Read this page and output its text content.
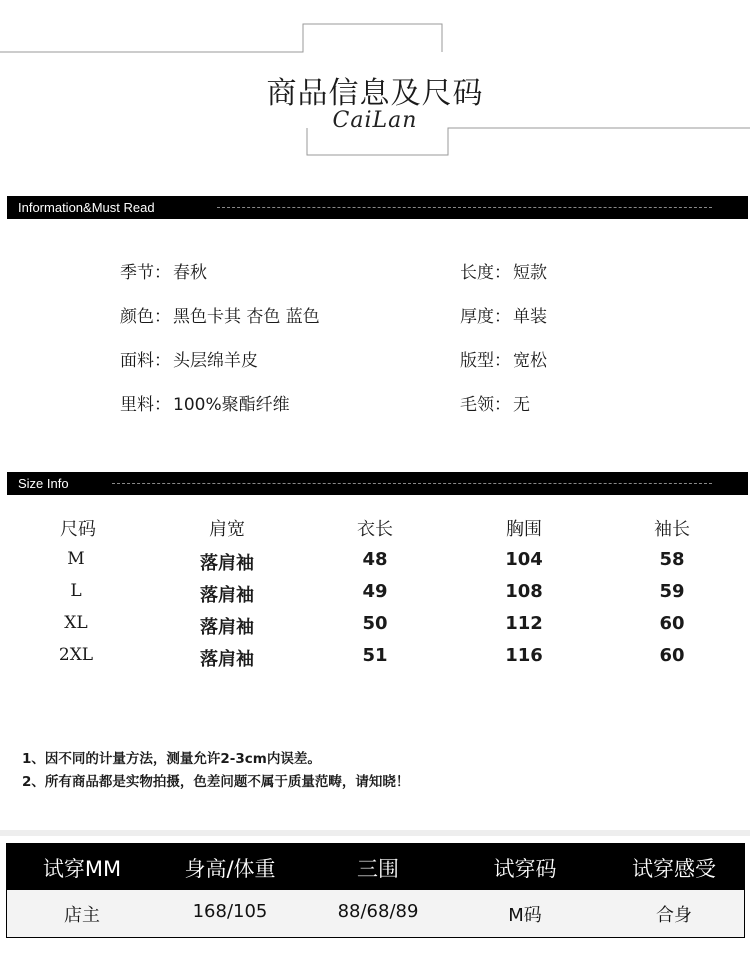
商品信息及尺码
CaiLan
Information&Must Read
季节： 春秋
颜色： 黑色卡其 杏色 蓝色
面料： 头层绵羊皮
里料： 100%聚酯纤维
长度： 短款
厚度： 单装
版型： 宽松
毛领： 无
Size Info
尺码	肩宽	衣长	胸围	袖长
M	落肩袖	48	104	58
L	落肩袖	49	108	59
XL	落肩袖	50	112	60
2XL	落肩袖	51	116	60
1、因不同的计量方法，测量允许2-3cm内误差。
2、所有商品都是实物拍摄，色差问题不属于质量范畴，请知晓！
试穿MM	身高/体重	三围	试穿码	试穿感受
店主	168/105	88/68/89	M码	合身
